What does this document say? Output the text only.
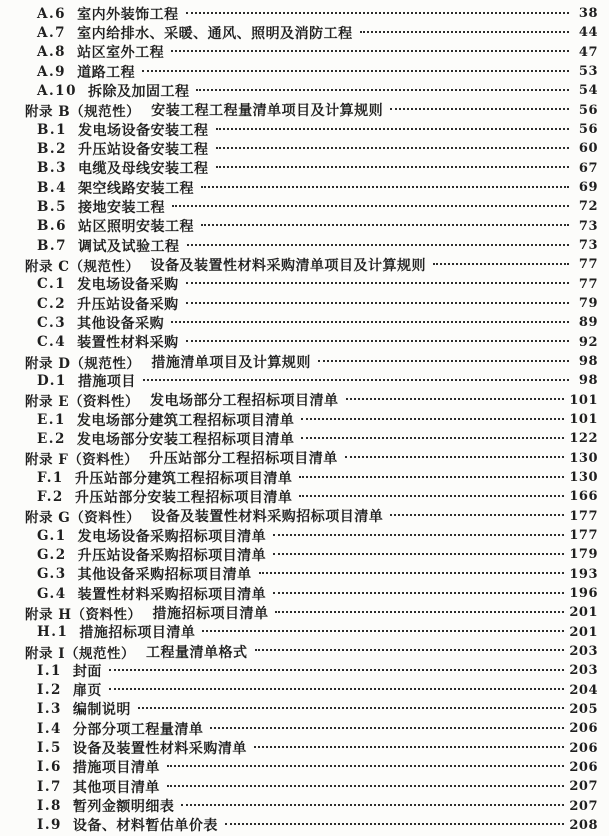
A.6 室内外装饰工程	38
A.7 室内给排水、采暖、通风、照明及消防工程	44
A.8 站区室外工程	47
A.9 道路工程	53
A.10 拆除及加固工程	54
附录 B（规范性） 安装工程工程量清单项目及计算规则	56
B.1 发电场设备安装工程	56
B.2 升压站设备安装工程	60
B.3 电缆及母线安装工程	67
B.4 架空线路安装工程	69
B.5 接地安装工程	72
B.6 站区照明安装工程	73
B.7 调试及试验工程	73
附录 C（规范性） 设备及装置性材料采购清单项目及计算规则	77
C.1 发电场设备采购	77
C.2 升压站设备采购	79
C.3 其他设备采购	89
C.4 装置性材料采购	92
附录 D（规范性） 措施清单项目及计算规则	98
D.1 措施项目	98
附录 E（资料性） 发电场部分工程招标项目清单	101
E.1 发电场部分建筑工程招标项目清单	101
E.2 发电场部分安装工程招标项目清单	122
附录 F（资料性） 升压站部分工程招标项目清单	130
F.1 升压站部分建筑工程招标项目清单	130
F.2 升压站部分安装工程招标项目清单	166
附录 G（资料性） 设备及装置性材料采购招标项目清单	177
G.1 发电场设备采购招标项目清单	177
G.2 升压站设备采购招标项目清单	179
G.3 其他设备采购招标项目清单	193
G.4 装置性材料采购招标项目清单	196
附录 H（资料性） 措施招标项目清单	201
H.1 措施招标项目清单	201
附录 I（规范性） 工程量清单格式	203
I.1 封面	203
I.2 扉页	204
I.3 编制说明	205
I.4 分部分项工程量清单	206
I.5 设备及装置性材料采购清单	206
I.6 措施项目清单	206
I.7 其他项目清单	207
I.8 暂列金额明细表	207
I.9 设备、材料暂估单价表	208
